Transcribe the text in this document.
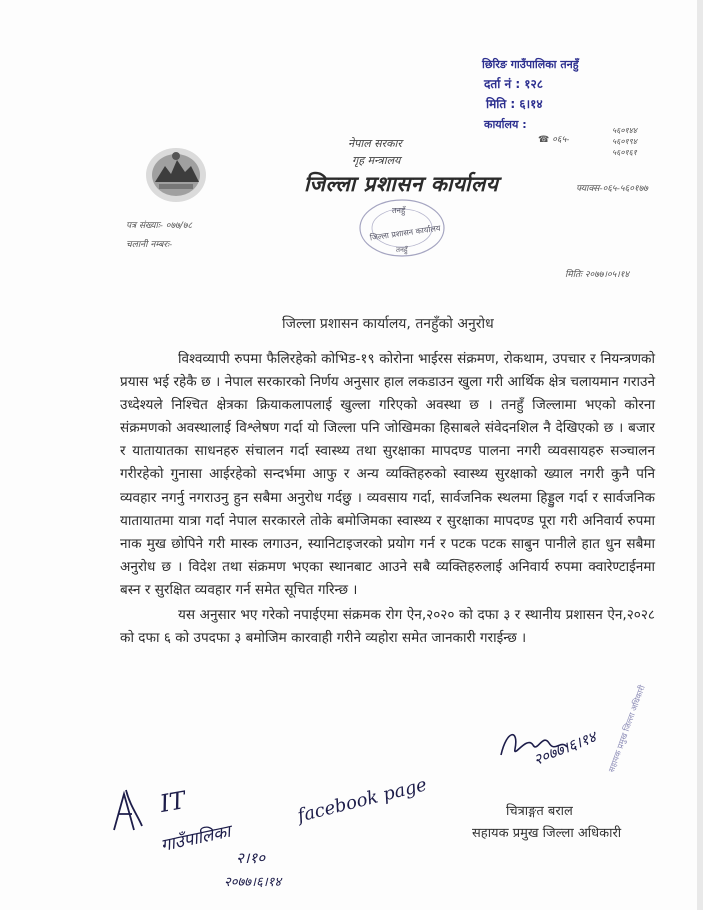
नेपाल सरकार
गृह मन्त्रालय
जिल्ला प्रशासन कार्यालय
छिरिङ गाउँपालिका तनहुँ
दर्ता नं : १२८
मिति : ६।१४
कार्यालय :
☎ ०६५-
५६०१४४
५६०१९४
५६०१६१
फ्याक्स-०६५-५६०१७७
तनहुँ
जिल्ला प्रशासन कार्यालय
तनहुँ
पत्र संख्याः- ०७७/७८
चलानी नम्बरः-
मितिः २०७७।०५।१४
जिल्ला प्रशासन कार्यालय, तनहुँको अनुरोध

विश्वव्यापी रुपमा फैलिरहेको कोभिड-१९ कोरोना भाईरस संक्रमण, रोकथाम, उपचार र नियन्त्रणको प्रयास भई रहेकै छ । नेपाल सरकारको निर्णय अनुसार हाल लकडाउन खुला गरी आर्थिक क्षेत्र चलायमान गराउने उध्देश्यले निश्चित क्षेत्रका क्रियाकलापलाई खुल्ला गरिएको अवस्था छ । तनहुँ जिल्लामा भएको कोरना संक्रमणको अवस्थालाई विश्लेषण गर्दा यो जिल्ला पनि जोखिमका हिसाबले संवेदनशिल नै देखिएको छ । बजार र यातायातका साधनहरु संचालन गर्दा स्वास्थ्य तथा सुरक्षाका मापदण्ड पालना नगरी व्यवसायहरु सञ्चालन गरीरहेको गुनासा आईरहेको सन्दर्भमा आफु र अन्य व्यक्तिहरुको स्वास्थ्य सुरक्षाको ख्याल नगरी कुनै पनि व्यवहार नगर्नु नगराउनु हुन सबैमा अनुरोध गर्दछु । व्यवसाय गर्दा, सार्वजनिक स्थलमा हिड्डुल गर्दा र सार्वजनिक यातायातमा यात्रा गर्दा नेपाल सरकारले तोके बमोजिमका स्वास्थ्य र सुरक्षाका मापदण्ड पूरा गरी अनिवार्य रुपमा नाक मुख छोपिने गरी मास्क लगाउन, स्यानिटाइजरको प्रयोग गर्न र पटक पटक साबुन पानीले हात धुन सबैमा अनुरोध छ । विदेश तथा संक्रमण भएका स्थानबाट आउने सबै व्यक्तिहरुलाई अनिवार्य रुपमा क्वारेण्टाईनमा बस्न र सुरक्षित व्यवहार गर्न समेत सूचित गरिन्छ ।

यस अनुसार भए गरेको नपाईएमा संक्रमक रोग ऐन,२०२० को दफा ३ र स्थानीय प्रशासन ऐन,२०२८ को दफा ६ को उपदफा ३ बमोजिम कारवाही गरीने व्यहोरा समेत जानकारी गराईन्छ ।

२०७७।६।१४
चित्राङ्गत बराल
सहायक प्रमुख जिल्ला अधिकारी
सहायक प्रमुख जिल्ला अधिकारी
IT
गाउँपालिका
facebook page
२।१०
२०७७।६।१४
